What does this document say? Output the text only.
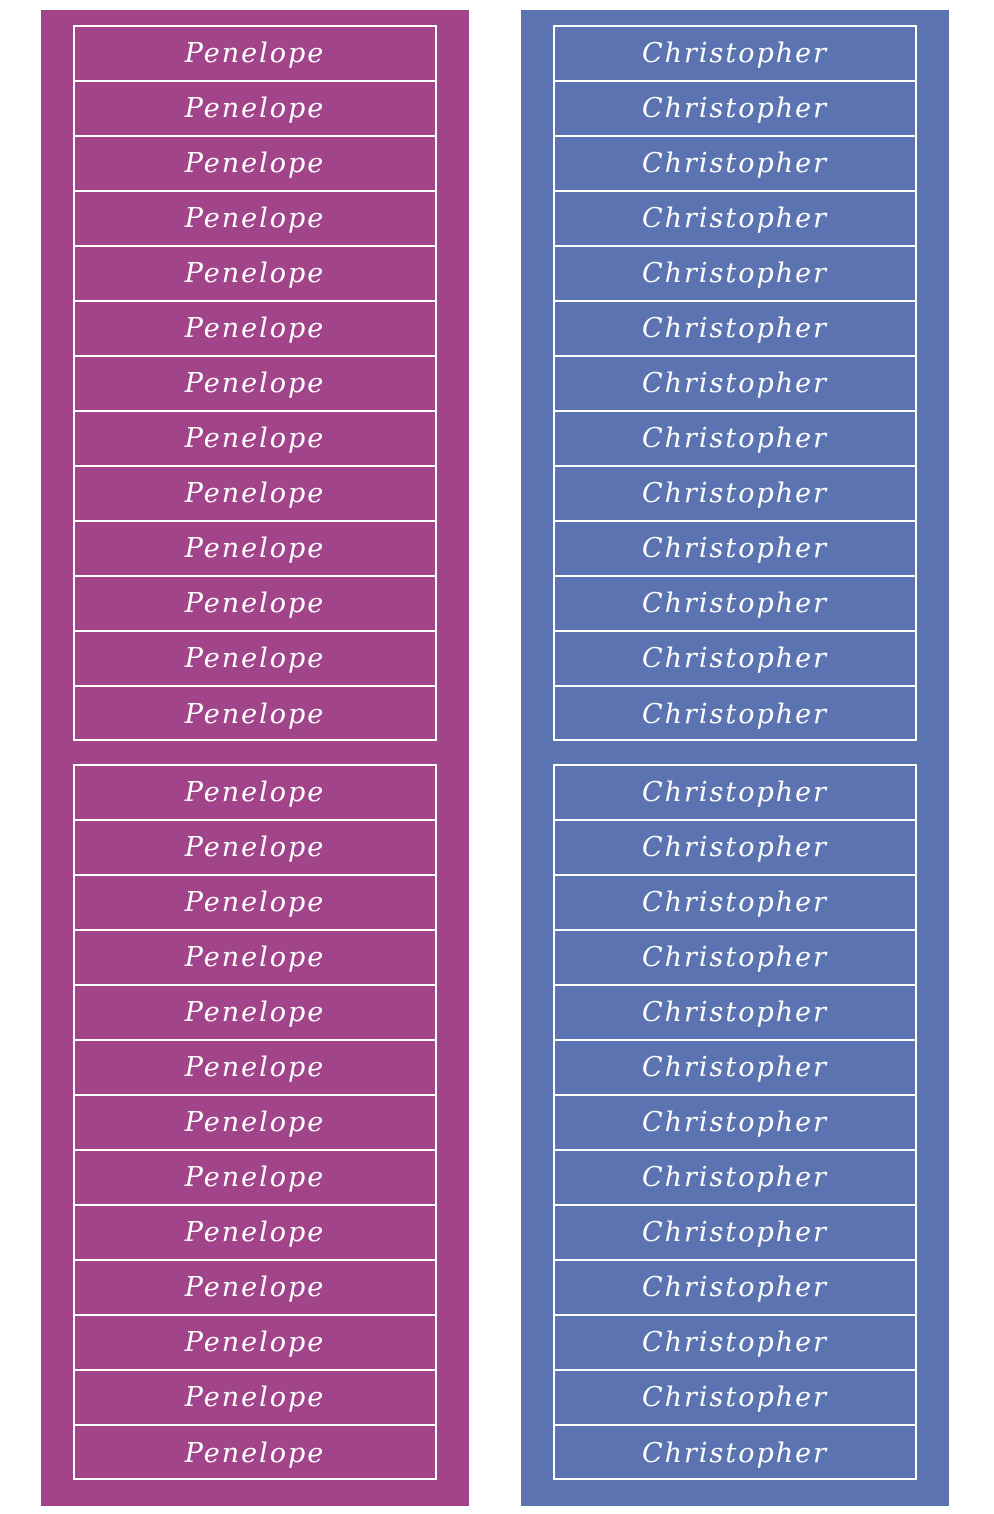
Penelope
Penelope
Penelope
Penelope
Penelope
Penelope
Penelope
Penelope
Penelope
Penelope
Penelope
Penelope
Penelope
Penelope
Penelope
Penelope
Penelope
Penelope
Penelope
Penelope
Penelope
Penelope
Penelope
Penelope
Penelope
Penelope
Christopher
Christopher
Christopher
Christopher
Christopher
Christopher
Christopher
Christopher
Christopher
Christopher
Christopher
Christopher
Christopher
Christopher
Christopher
Christopher
Christopher
Christopher
Christopher
Christopher
Christopher
Christopher
Christopher
Christopher
Christopher
Christopher
